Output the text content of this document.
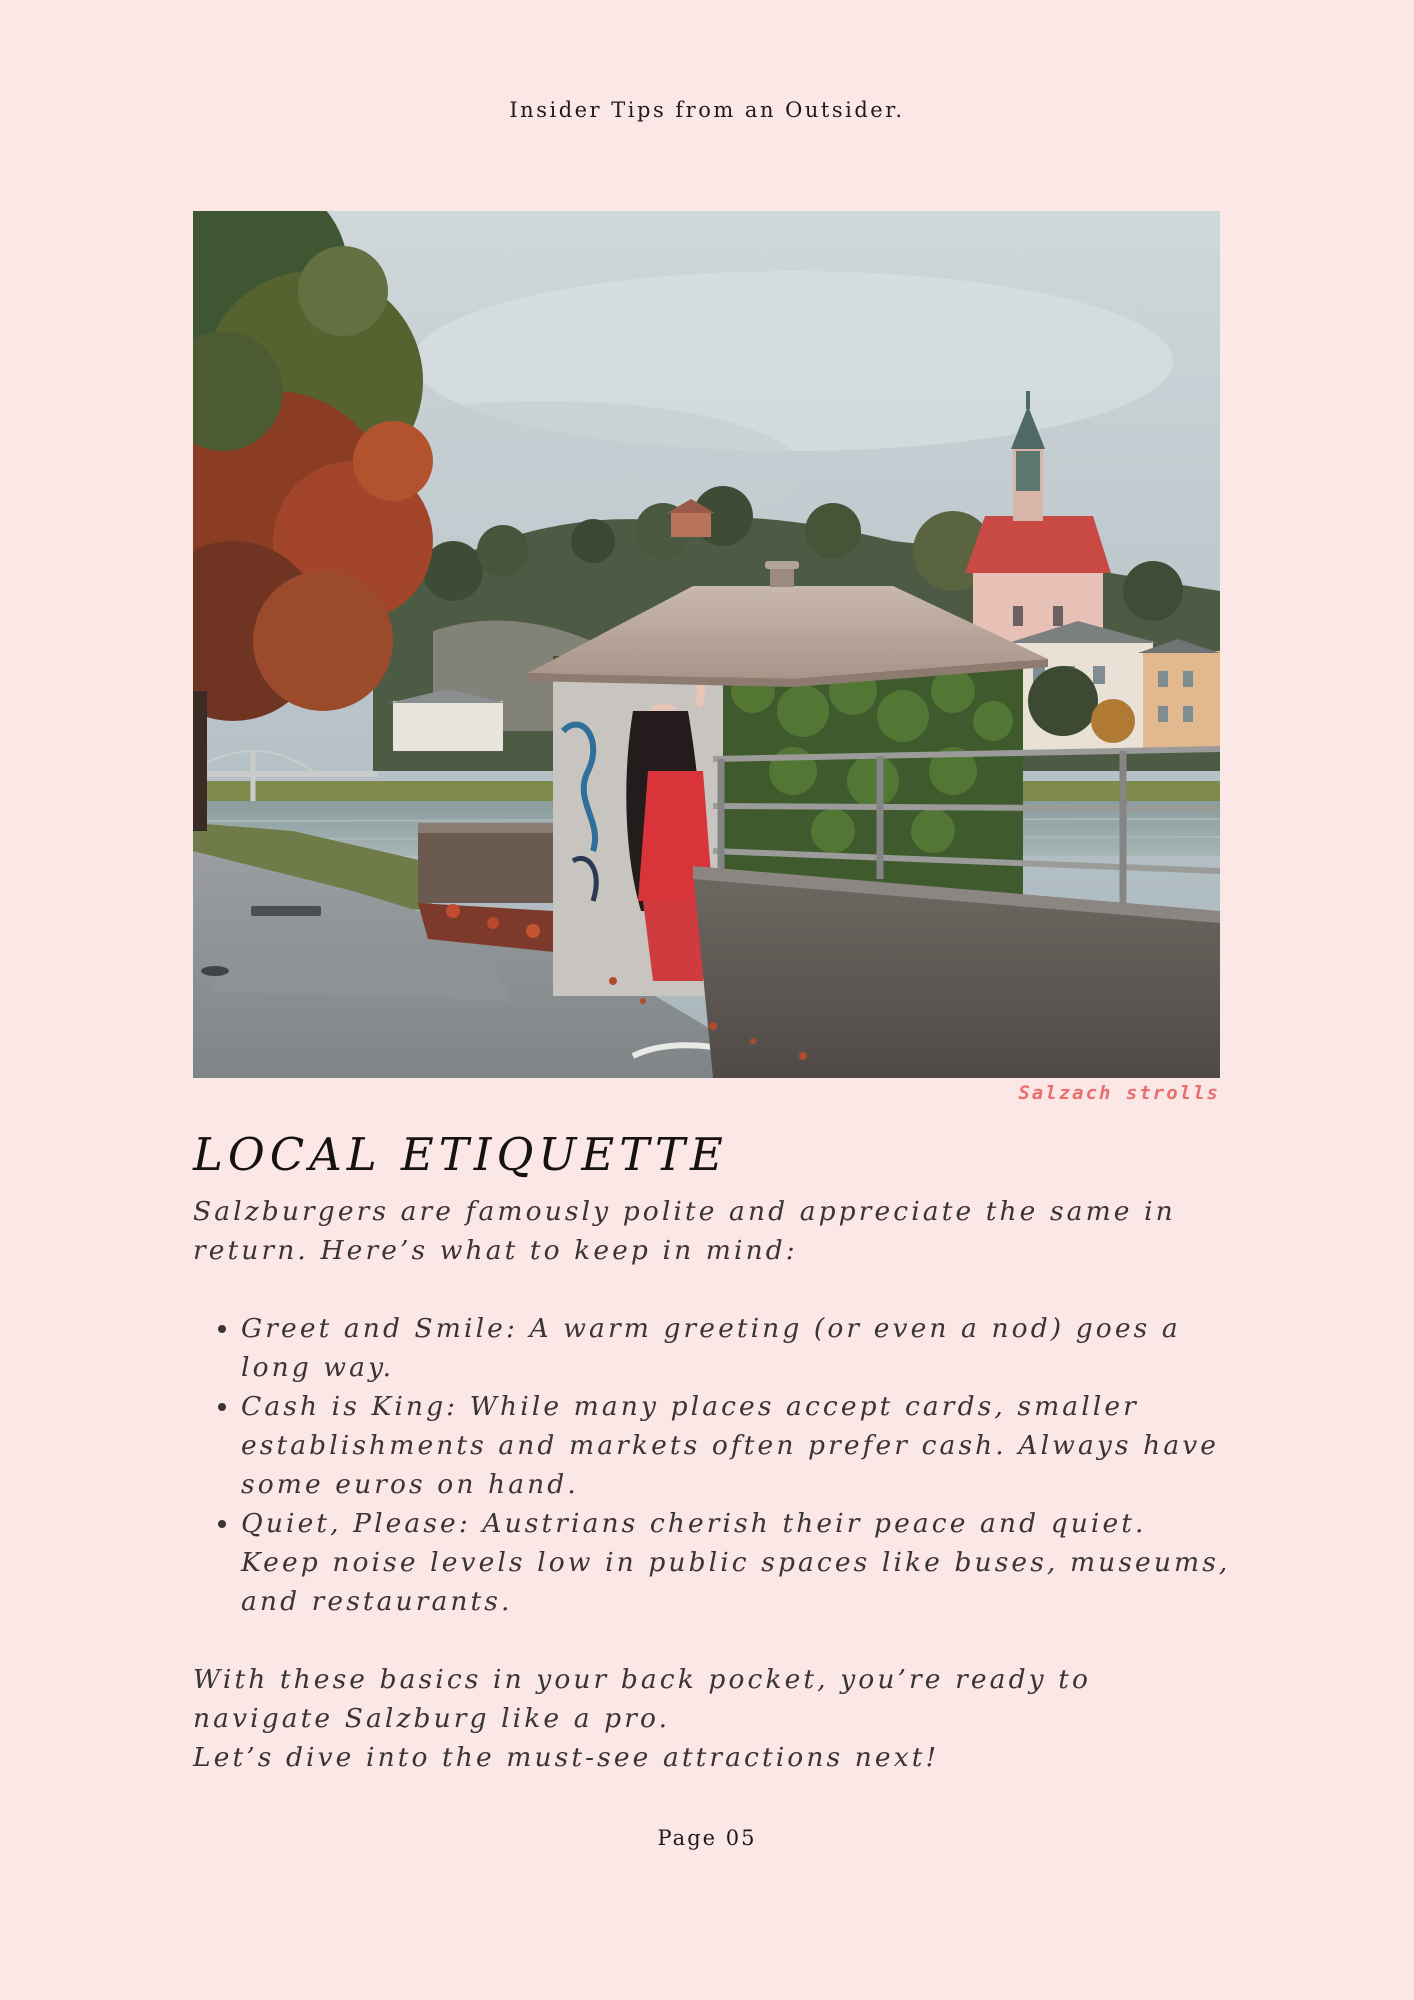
Insider Tips from an Outsider.
Salzach strolls
LOCAL ETIQUETTE

Salzburgers are famously polite and appreciate the same in return. Here’s what to keep in mind:

• Greet and Smile: A warm greeting (or even a nod) goes a long way.
• Cash is King: While many places accept cards, smaller establishments and markets often prefer cash. Always have some euros on hand.
• Quiet, Please: Austrians cherish their peace and quiet. Keep noise levels low in public spaces like buses, museums, and restaurants.

With these basics in your back pocket, you’re ready to navigate Salzburg like a pro.

Let’s dive into the must-see attractions next!

Page 05
